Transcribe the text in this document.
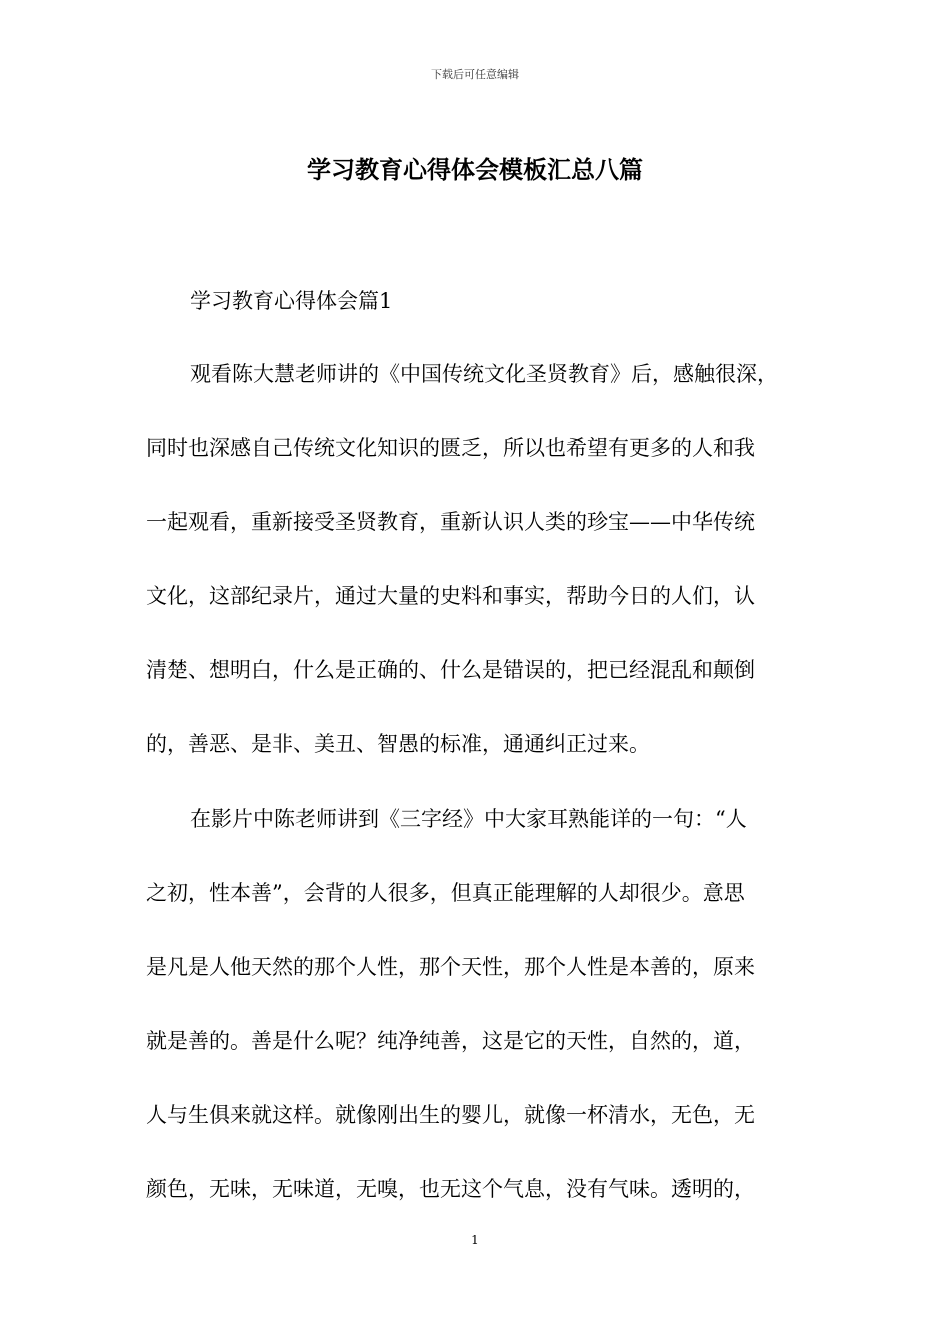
下载后可任意编辑
学习教育心得体会模板汇总八篇
学习教育心得体会篇1
观看陈大慧老师讲的《中国传统文化圣贤教育》后，感触很深，
同时也深感自己传统文化知识的匮乏，所以也希望有更多的人和我
一起观看，重新接受圣贤教育，重新认识人类的珍宝——中华传统
文化，这部纪录片，通过大量的史料和事实，帮助今日的人们，认
清楚、想明白，什么是正确的、什么是错误的，把已经混乱和颠倒
的，善恶、是非、美丑、智愚的标准，通通纠正过来。
在影片中陈老师讲到《三字经》中大家耳熟能详的一句：“人
之初，性本善”，会背的人很多，但真正能理解的人却很少。意思
是凡是人他天然的那个人性，那个天性，那个人性是本善的，原来
就是善的。善是什么呢？纯净纯善，这是它的天性，自然的，道，
人与生俱来就这样。就像刚出生的婴儿，就像一杯清水，无色，无
颜色，无味，无味道，无嗅，也无这个气息，没有气味。透明的，
1
